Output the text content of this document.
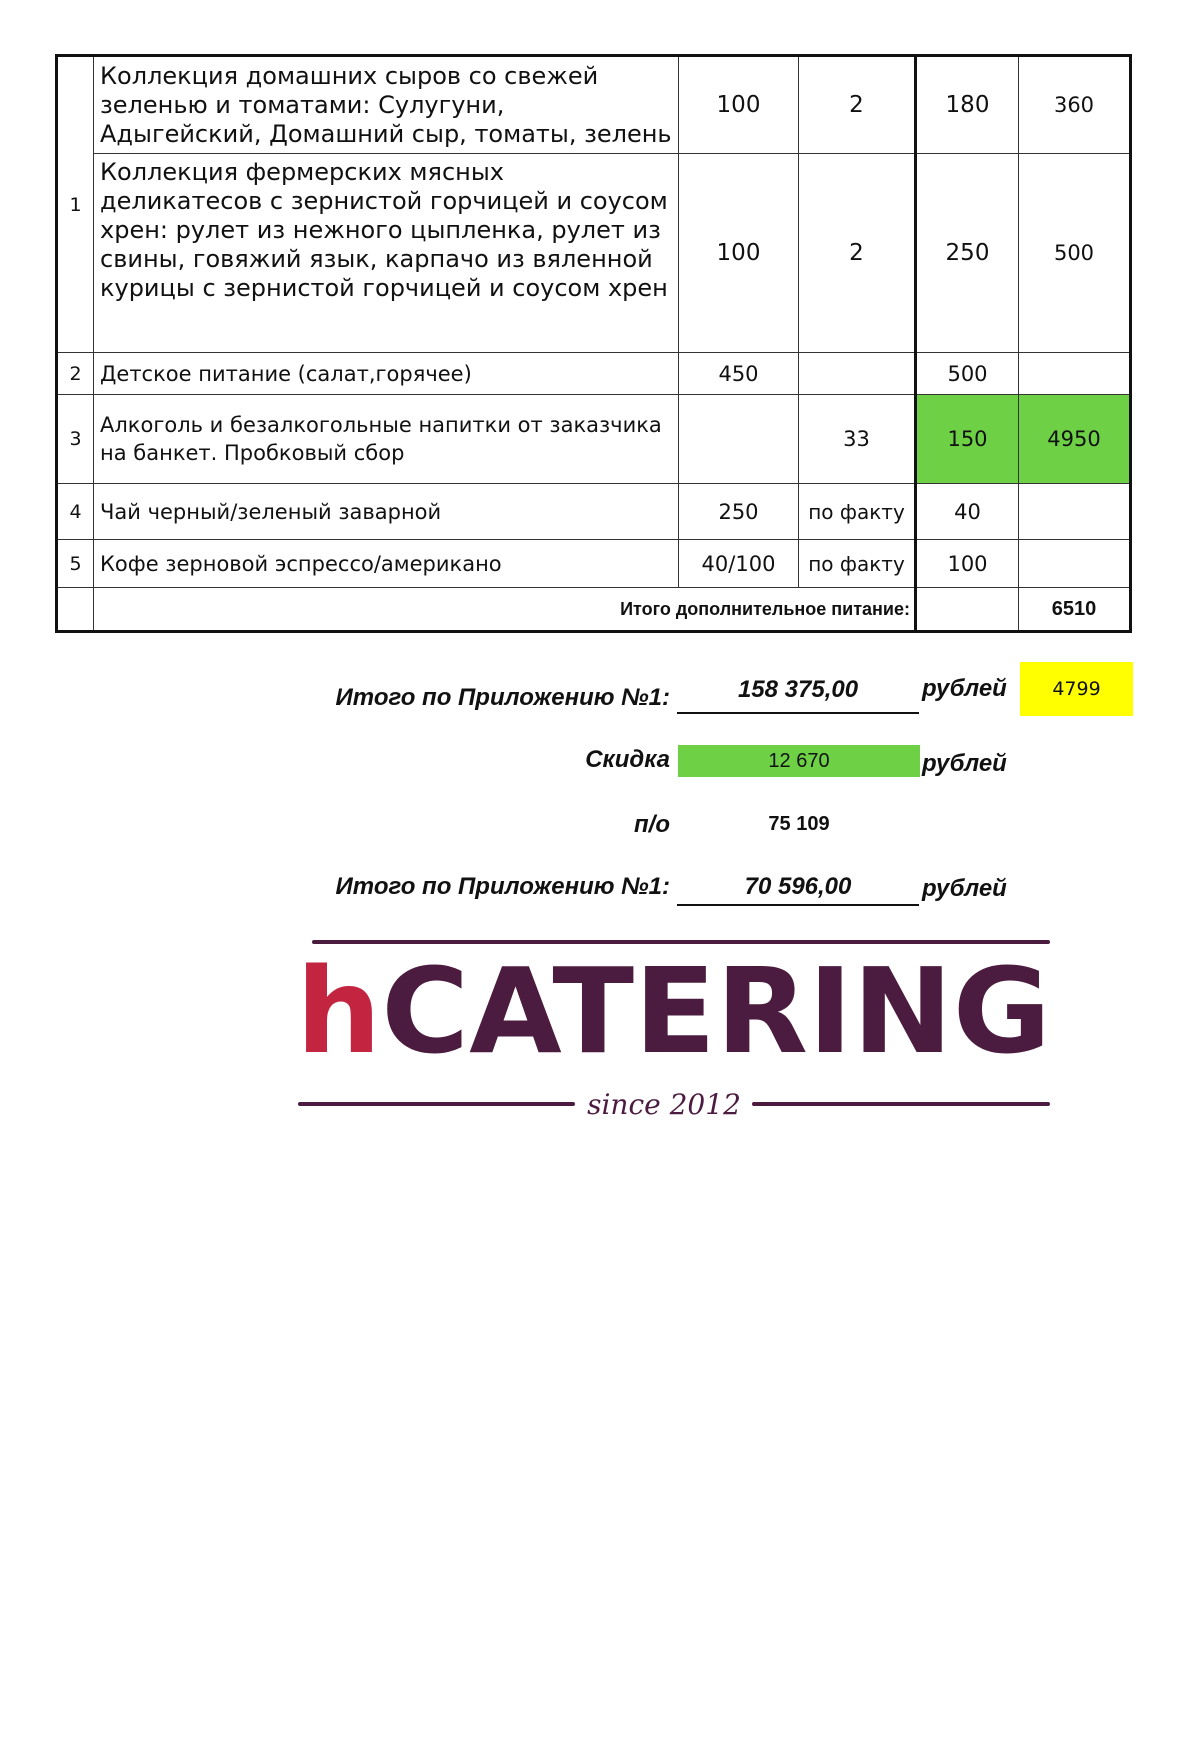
1	Коллекция домашних сыров со свежей зеленью и томатами: Сулугуни, Адыгейский, Домашний сыр, томаты, зелень	100	2	180	360
	Коллекция фермерских мясных деликатесов с зернистой горчицей и соусом хрен: рулет из нежного цыпленка, рулет из свины, говяжий язык, карпачо из вяленной курицы с зернистой горчицей и соусом хрен	100	2	250	500
2	Детское питание (салат,горячее)	450		500	
3	Алкоголь и безалкогольные напитки от заказчика на банкет. Пробковый сбор		33	150	4950
4	Чай черный/зеленый заварной	250	по факту	40	
5	Кофе зерновой эспрессо/американо	40/100	по факту	100	
	Итого дополнительное питание:				6510
Итого по Приложению №1:	158 375,00	рублей	4799
Скидка	12 670	рублей
п/о	75 109
Итого по Приложению №1:	70 596,00	рублей
hCATERING
since 2012
